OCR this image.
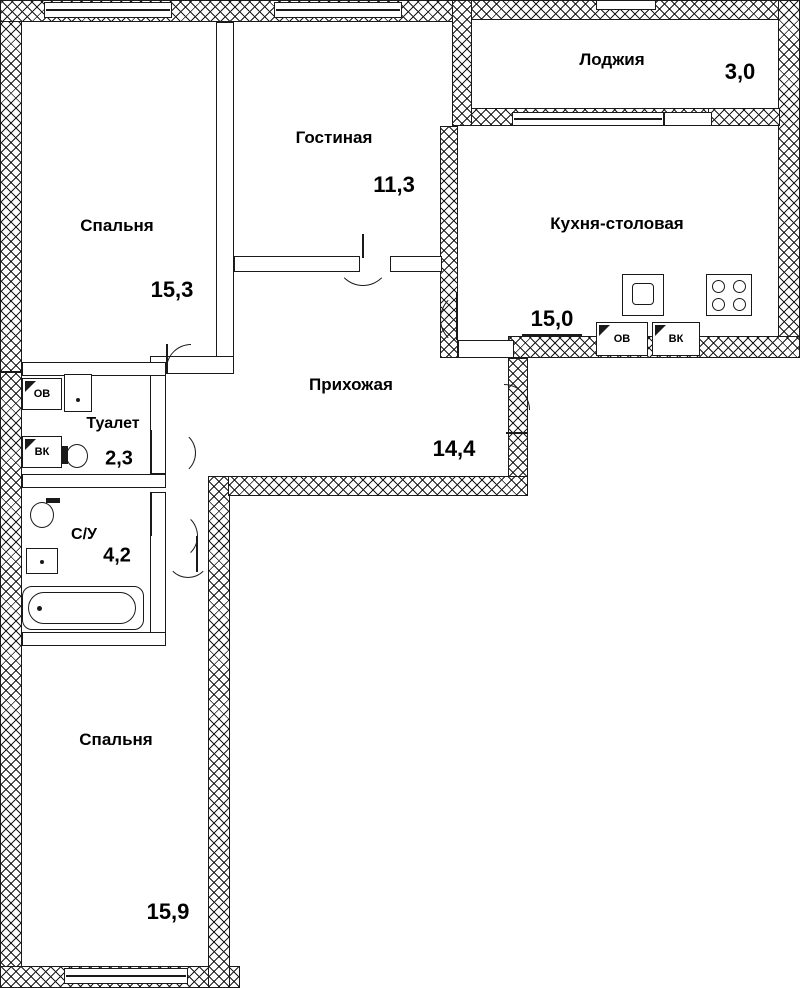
ОВ	ВК
ОВ
ВК
Спальня
15,3
Гостиная
11,3
Лоджия	3,0
Кухня-столовая
15,0
Прихожая
14,4
Туалет
2,3
С/У
4,2
Спальня
15,9
